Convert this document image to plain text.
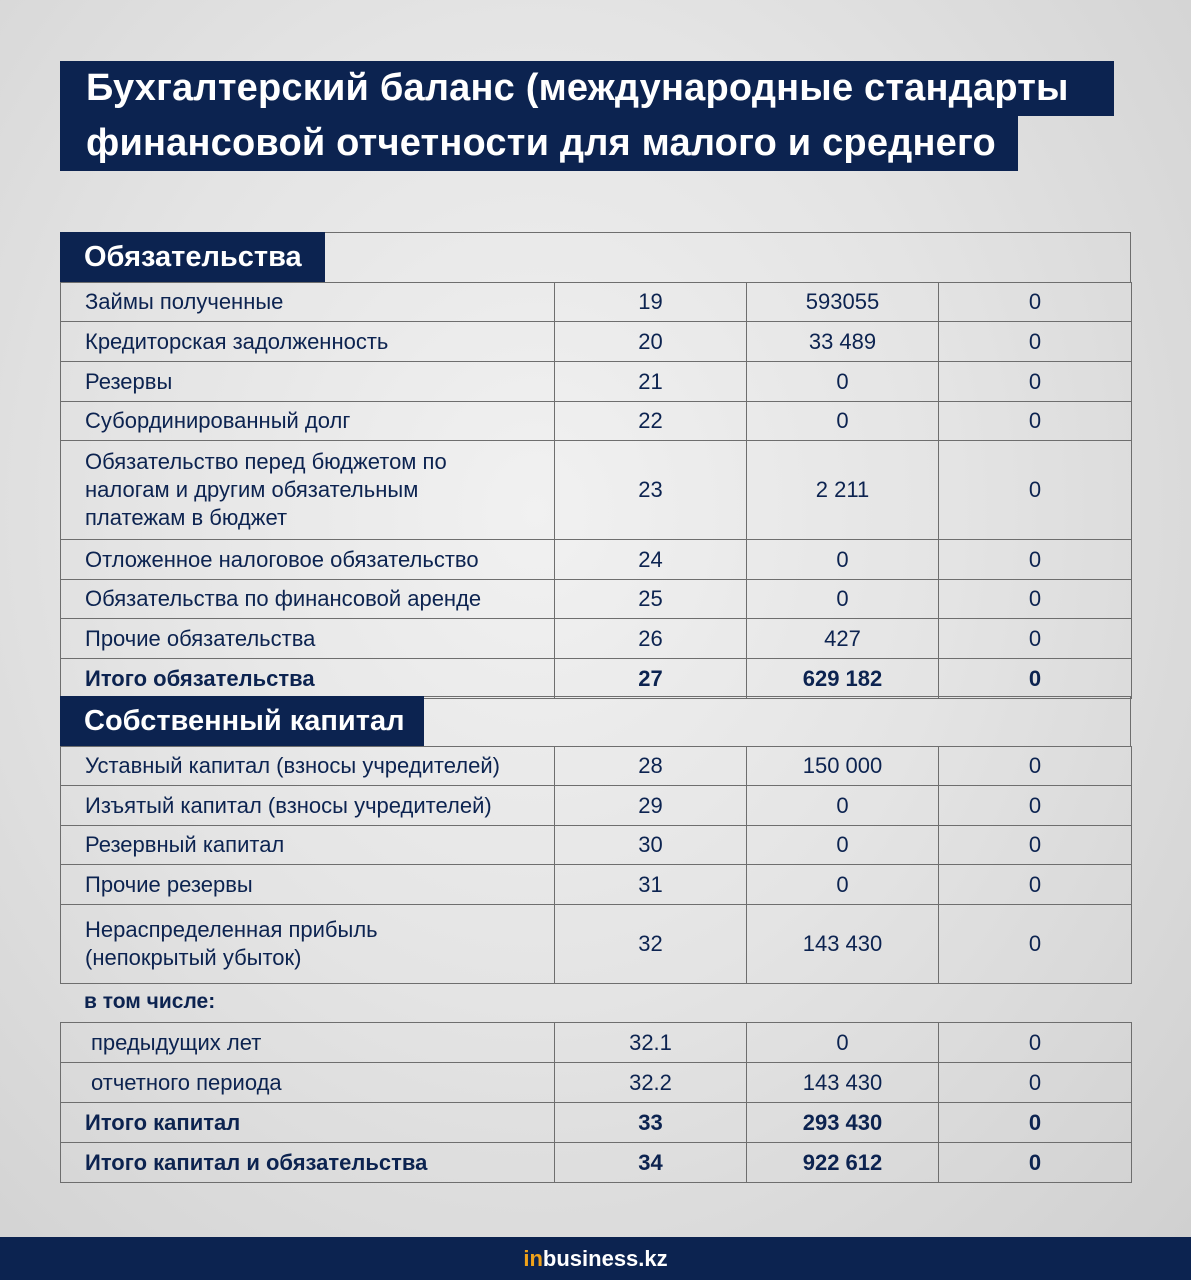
Бухгалтерский баланс (международные стандарты
финансовой отчетности для малого и среднего
Обязательства
Займы полученные	19	593055	0
Кредиторская задолженность	20	33 489	0
Резервы	21	0	0
Субординированный долг	22	0	0
Обязательство перед бюджетом по налогам и другим обязательным платежам в бюджет	23	2 211	0
Отложенное налоговое обязательство	24	0	0
Обязательства по финансовой аренде	25	0	0
Прочие обязательства	26	427	0
Итого обязательства	27	629 182	0
Собственный капитал
Уставный капитал (взносы учредителей)	28	150 000	0
Изъятый капитал (взносы учредителей)	29	0	0
Резервный капитал	30	0	0
Прочие резервы	31	0	0
Нераспределенная прибыль (непокрытый убыток)	32	143 430	0
в том числе:
предыдущих лет	32.1	0	0
отчетного периода	32.2	143 430	0
Итого капитал	33	293 430	0
Итого капитал и обязательства	34	922 612	0
inbusiness.kz
